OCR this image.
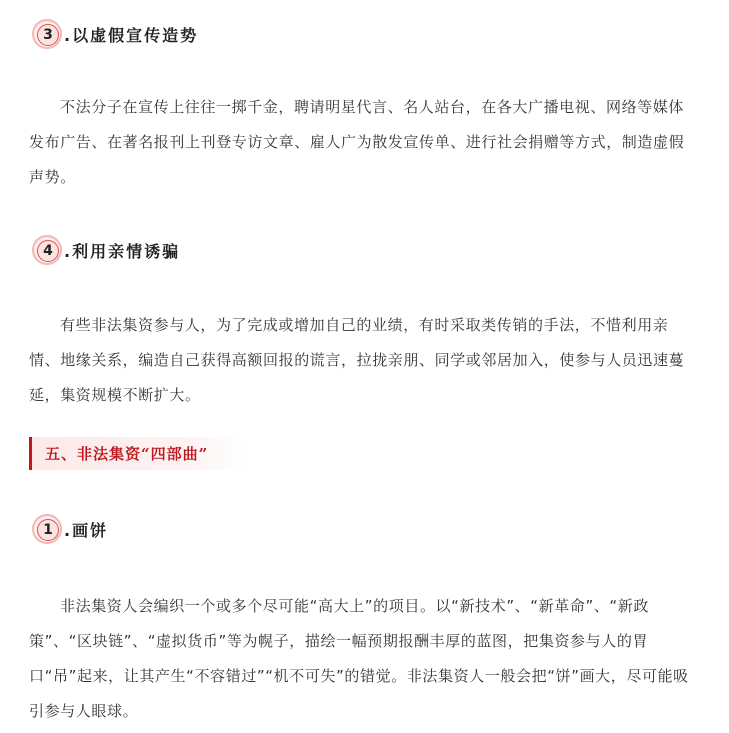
3 .以虚假宣传造势

不法分子在宣传上往往一掷千金，聘请明星代言、名人站台，在各大广播电视、网络等媒体发布广告、在著名报刊上刊登专访文章、雇人广为散发宣传单、进行社会捐赠等方式，制造虚假声势。

4 .利用亲情诱骗

有些非法集资参与人，为了完成或增加自己的业绩，有时采取类传销的手法，不惜利用亲情、地缘关系，编造自己获得高额回报的谎言，拉拢亲朋、同学或邻居加入，使参与人员迅速蔓延，集资规模不断扩大。

五、非法集资“四部曲”
1 .画饼

非法集资人会编织一个或多个尽可能“高大上”的项目。以“新技术”、“新革命”、“新政策”、“区块链”、“虚拟货币”等为幌子，描绘一幅预期报酬丰厚的蓝图，把集资参与人的胃口“吊”起来，让其产生“不容错过”“机不可失”的错觉。非法集资人一般会把“饼”画大，尽可能吸引参与人眼球。
